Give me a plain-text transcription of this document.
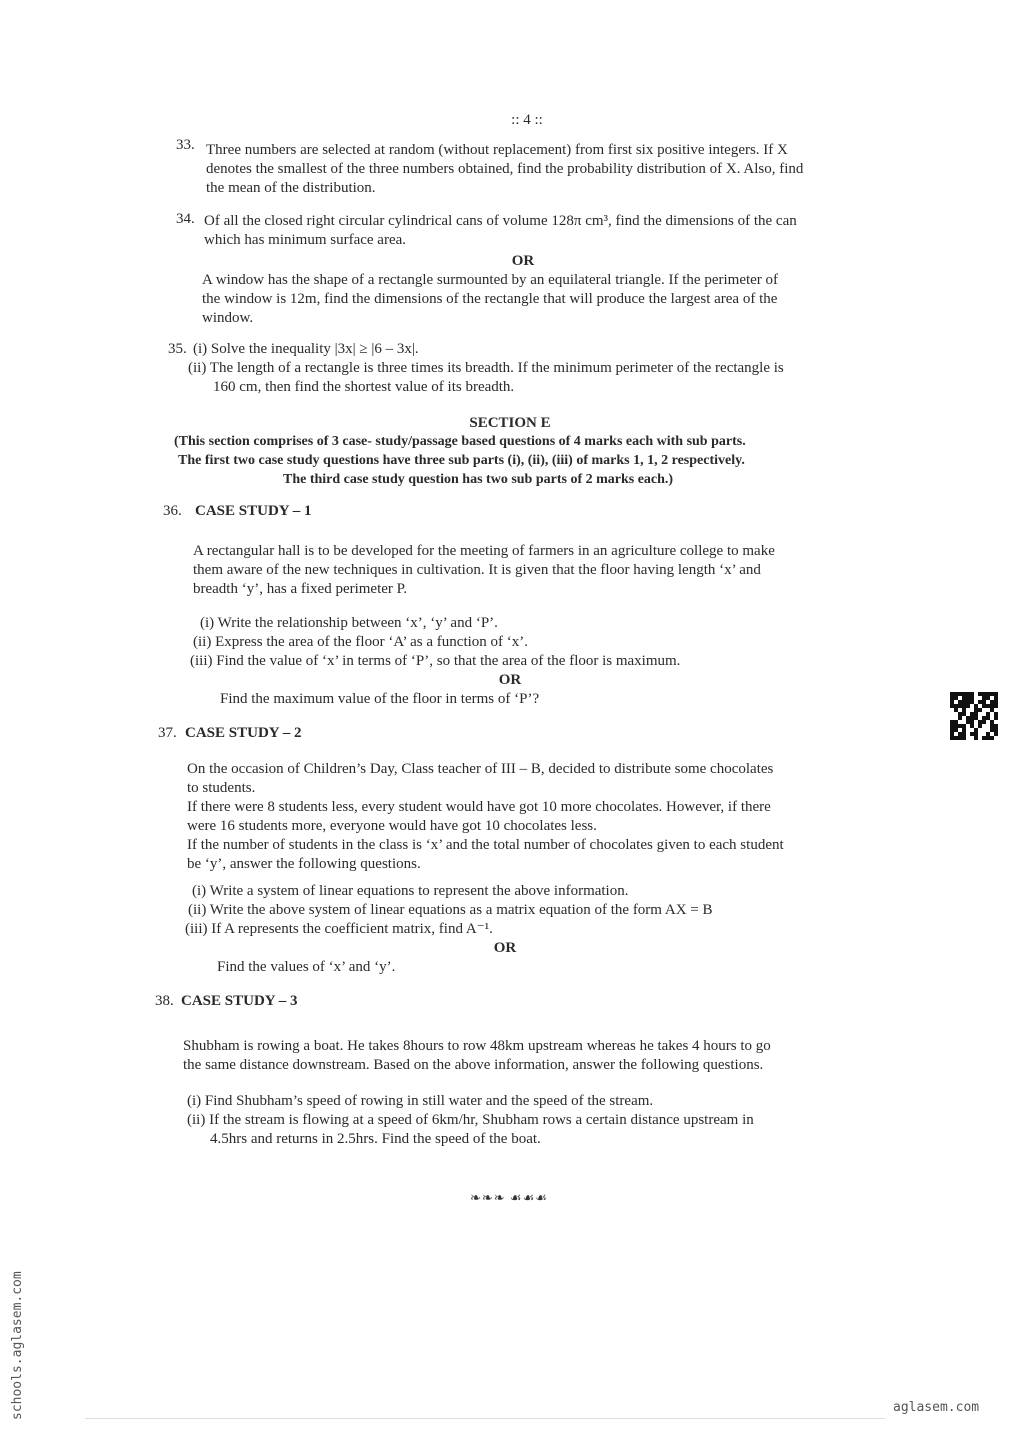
:: 4 ::
33. Three numbers are selected at random (without replacement) from first six positive integers. If X
denotes the smallest of the three numbers obtained, find the probability distribution of X. Also, find
the mean of the distribution.
34. Of all the closed right circular cylindrical cans of volume 128π cm³, find the dimensions of the can
which has minimum surface area.
OR
A window has the shape of a rectangle surmounted by an equilateral triangle. If the perimeter of
the window is 12m, find the dimensions of the rectangle that will produce the largest area of the
window.
35. (i) Solve the inequality |3x| ≥ |6 – 3x|.
(ii) The length of a rectangle is three times its breadth. If the minimum perimeter of the rectangle is
160 cm, then find the shortest value of its breadth.
SECTION E
(This section comprises of 3 case- study/passage based questions of 4 marks each with sub parts.
The first two case study questions have three sub parts (i), (ii), (iii) of marks 1, 1, 2 respectively.
The third case study question has two sub parts of 2 marks each.)
36. CASE STUDY – 1
A rectangular hall is to be developed for the meeting of farmers in an agriculture college to make
them aware of the new techniques in cultivation. It is given that the floor having length ‘x’ and
breadth ‘y’, has a fixed perimeter P.
(i) Write the relationship between ‘x’, ‘y’ and ‘P’.
(ii) Express the area of the floor ‘A’ as a function of ‘x’.
(iii) Find the value of ‘x’ in terms of ‘P’, so that the area of the floor is maximum.
OR
Find the maximum value of the floor in terms of ‘P’?
37. CASE STUDY – 2
On the occasion of Children’s Day, Class teacher of III – B, decided to distribute some chocolates
to students.
If there were 8 students less, every student would have got 10 more chocolates. However, if there
were 16 students more, everyone would have got 10 chocolates less.
If the number of students in the class is ‘x’ and the total number of chocolates given to each student
be ‘y’, answer the following questions.
(i) Write a system of linear equations to represent the above information.
(ii) Write the above system of linear equations as a matrix equation of the form AX = B
(iii) If A represents the coefficient matrix, find A⁻¹.
OR
Find the values of ‘x’ and ‘y’.
38. CASE STUDY – 3
Shubham is rowing a boat. He takes 8hours to row 48km upstream whereas he takes 4 hours to go
the same distance downstream. Based on the above information, answer the following questions.
(i) Find Shubham’s speed of rowing in still water and the speed of the stream.
(ii) If the stream is flowing at a speed of 6km/hr, Shubham rows a certain distance upstream in
4.5hrs and returns in 2.5hrs. Find the speed of the boat.
❧❧❧ ☙☙☙
schools.aglasem.com	aglasem.com
